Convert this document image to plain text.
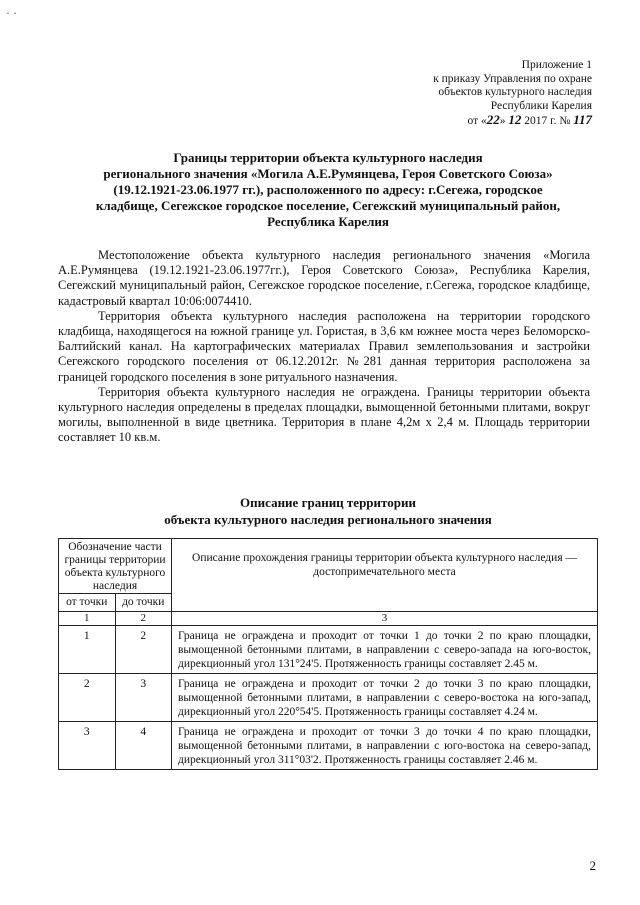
· ·
Приложение 1
к приказу Управления по охране
объектов культурного наследия
Республики Карелия
от «22» 12 2017 г. № 117
Границы территории объекта культурного наследия
регионального значения «Могила А.Е.Румянцева, Героя Советского Союза»
(19.12.1921-23.06.1977 гг.), расположенного по адресу: г.Сегежа, городское
кладбище, Сегежское городское поселение, Сегежский муниципальный район,
Республика Карелия

Местоположение объекта культурного наследия регионального значения «Могила А.Е.Румянцева (19.12.1921-23.06.1977гг.), Героя Советского Союза», Республика Карелия, Сегежский муниципальный район, Сегежское городское поселение, г.Сегежа, городское кладбище, кадастровый квартал 10:06:0074410.

Территория объекта культурного наследия расположена на территории городского кладбища, находящегося на южной границе ул. Гористая, в 3,6 км южнее моста через Беломорско-Балтийский канал. На картографических материалах Правил землепользования и застройки Сегежского городского поселения от 06.12.2012г. №281 данная территория расположена за границей городского поселения в зоне ритуального назначения.

Территория объекта культурного наследия не ограждена. Границы территории объекта культурного наследия определены в пределах площадки, вымощенной бетонными плитами, вокруг могилы, выполненной в виде цветника. Территория в плане 4,2м х 2,4 м. Площадь территории составляет 10 кв.м.

Описание границ территории
объекта культурного наследия регионального значения
Обозначение части границы территории объекта культурного наследия		Описание прохождения границы территории объекта культурного наследия — достопримечательного места
от точки	до точки	
1	2	3
1	2	Граница не ограждена и проходит от точки 1 до точки 2 по краю площадки, вымощенной бетонными плитами, в направлении с северо-запада на юго-восток, дирекционный угол 131°24'5. Протяженность границы составляет 2.45 м.
2	3	Граница не ограждена и проходит от точки 2 до точки 3 по краю площадки, вымощенной бетонными плитами, в направлении с северо-востока на юго-запад, дирекционный угол 220°54'5. Протяженность границы составляет 4.24 м.
3	4	Граница не ограждена и проходит от точки 3 до точки 4 по краю площадки, вымощенной бетонными плитами, в направлении с юго-востока на северо-запад, дирекционный угол 311°03'2. Протяженность границы составляет 2.46 м.
2
